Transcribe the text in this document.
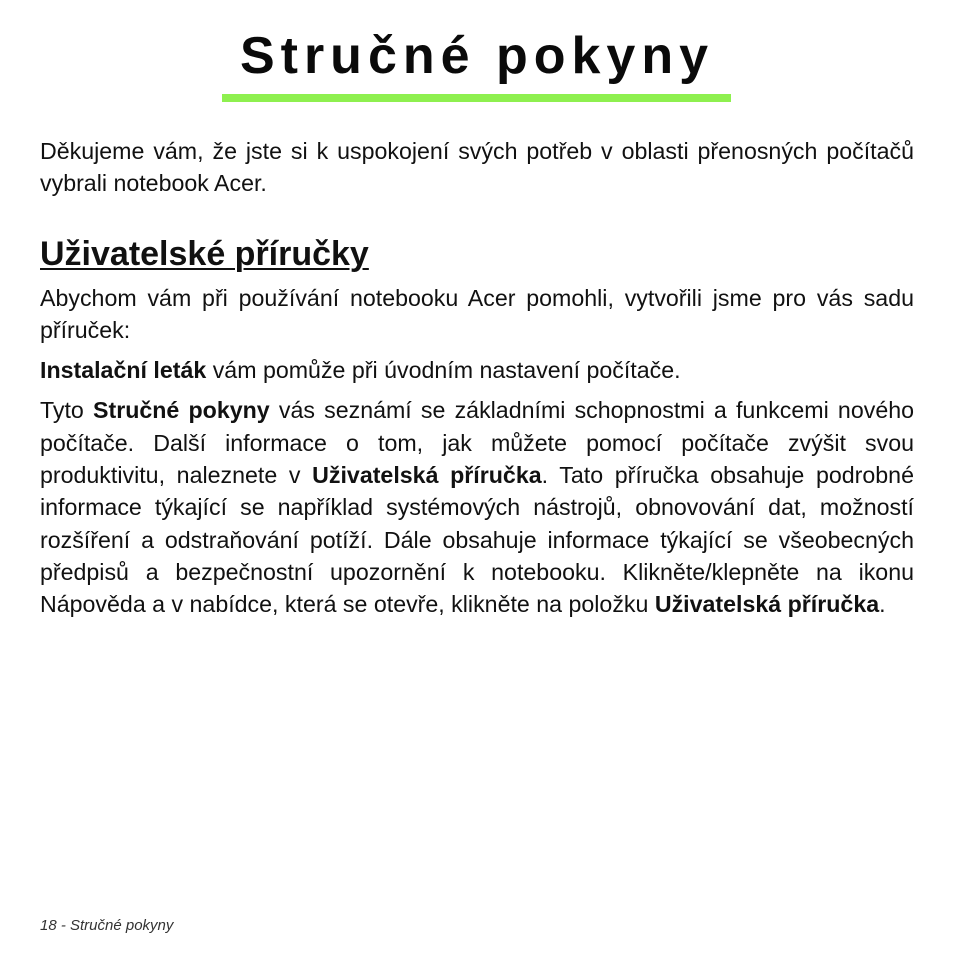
Stručné pokyny

Děkujeme vám, že jste si k uspokojení svých potřeb v oblasti přenosných počítačů vybrali notebook Acer.

Uživatelské příručky

Abychom vám při používání notebooku Acer pomohli, vytvořili jsme pro vás sadu příruček:

Instalační leták vám pomůže při úvodním nastavení počítače.

Tyto Stručné pokyny vás seznámí se základními schopnostmi a funkcemi nového počítače. Další informace o tom, jak můžete pomocí počítače zvýšit svou produktivitu, naleznete v Uživatelská příručka. Tato příručka obsahuje podrobné informace týkající se například systémových nástrojů, obnovování dat, možností rozšíření a odstraňování potíží. Dále obsahuje informace týkající se všeobecných předpisů a bezpečnostní upozornění k notebooku. Klikněte/klepněte na ikonu Nápověda a v nabídce, která se otevře, klikněte na položku Uživatelská příručka.

18 - Stručné pokyny
